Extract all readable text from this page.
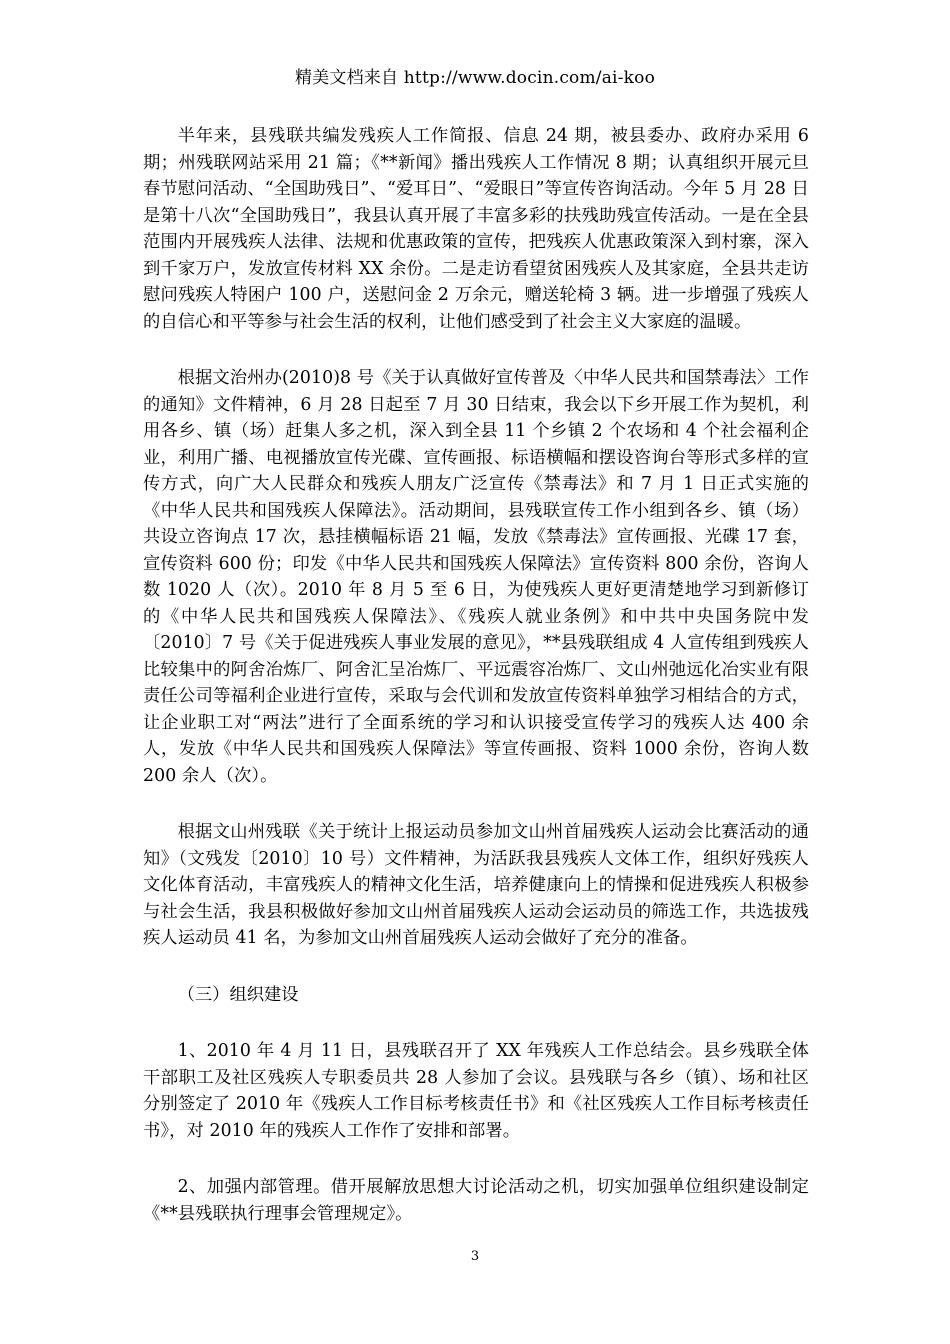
精美文档来自 http://www.docin.com/ai-koo

半年来，县残联共编发残疾人工作简报、信息 24 期，被县委办、政府办采用 6 期；州残联网站采用 21 篇；《**新闻》播出残疾人工作情况 8 期；认真组织开展元旦春节慰问活动、“全国助残日”、“爱耳日”、“爱眼日”等宣传咨询活动。今年 5 月 28 日是第十八次“全国助残日”，我县认真开展了丰富多彩的扶残助残宣传活动。一是在全县范围内开展残疾人法律、法规和优惠政策的宣传，把残疾人优惠政策深入到村寨，深入到千家万户，发放宣传材料 XX 余份。二是走访看望贫困残疾人及其家庭，全县共走访慰问残疾人特困户 100 户，送慰问金 2 万余元，赠送轮椅 3 辆。进一步增强了残疾人的自信心和平等参与社会生活的权利，让他们感受到了社会主义大家庭的温暖。

根据文治州办(2010)8 号《关于认真做好宣传普及〈中华人民共和国禁毒法〉工作的通知》文件精神，6 月 28 日起至 7 月 30 日结束，我会以下乡开展工作为契机，利用各乡、镇（场）赶集人多之机，深入到全县 11 个乡镇 2 个农场和 4 个社会福利企业，利用广播、电视播放宣传光碟、宣传画报、标语横幅和摆设咨询台等形式多样的宣传方式，向广大人民群众和残疾人朋友广泛宣传《禁毒法》和 7 月 1 日正式实施的《中华人民共和国残疾人保障法》。活动期间，县残联宣传工作小组到各乡、镇（场）共设立咨询点 17 次，悬挂横幅标语 21 幅，发放《禁毒法》宣传画报、光碟 17 套，宣传资料 600 份；印发《中华人民共和国残疾人保障法》宣传资料 800 余份，咨询人数 1020 人（次）。2010 年 8 月 5 至 6 日，为使残疾人更好更清楚地学习到新修订的《中华人民共和国残疾人保障法》、《残疾人就业条例》和中共中央国务院中发〔2010〕7 号《关于促进残疾人事业发展的意见》，**县残联组成 4 人宣传组到残疾人比较集中的阿舍冶炼厂、阿舍汇呈冶炼厂、平远震容冶炼厂、文山州弛远化冶实业有限责任公司等福利企业进行宣传，采取与会代训和发放宣传资料单独学习相结合的方式，让企业职工对“两法”进行了全面系统的学习和认识接受宣传学习的残疾人达 400 余人，发放《中华人民共和国残疾人保障法》等宣传画报、资料 1000 余份，咨询人数 200 余人（次）。

根据文山州残联《关于统计上报运动员参加文山州首届残疾人运动会比赛活动的通知》（文残发〔2010〕10 号）文件精神，为活跃我县残疾人文体工作，组织好残疾人文化体育活动，丰富残疾人的精神文化生活，培养健康向上的情操和促进残疾人积极参与社会生活，我县积极做好参加文山州首届残疾人运动会运动员的筛选工作，共选拔残疾人运动员 41 名，为参加文山州首届残疾人运动会做好了充分的准备。

（三）组织建设

1、2010 年 4 月 11 日，县残联召开了 XX 年残疾人工作总结会。县乡残联全体干部职工及社区残疾人专职委员共 28 人参加了会议。县残联与各乡（镇）、场和社区分别签定了 2010 年《残疾人工作目标考核责任书》和《社区残疾人工作目标考核责任书》，对 2010 年的残疾人工作作了安排和部署。

2、加强内部管理。借开展解放思想大讨论活动之机，切实加强单位组织建设制定《**县残联执行理事会管理规定》。

3
